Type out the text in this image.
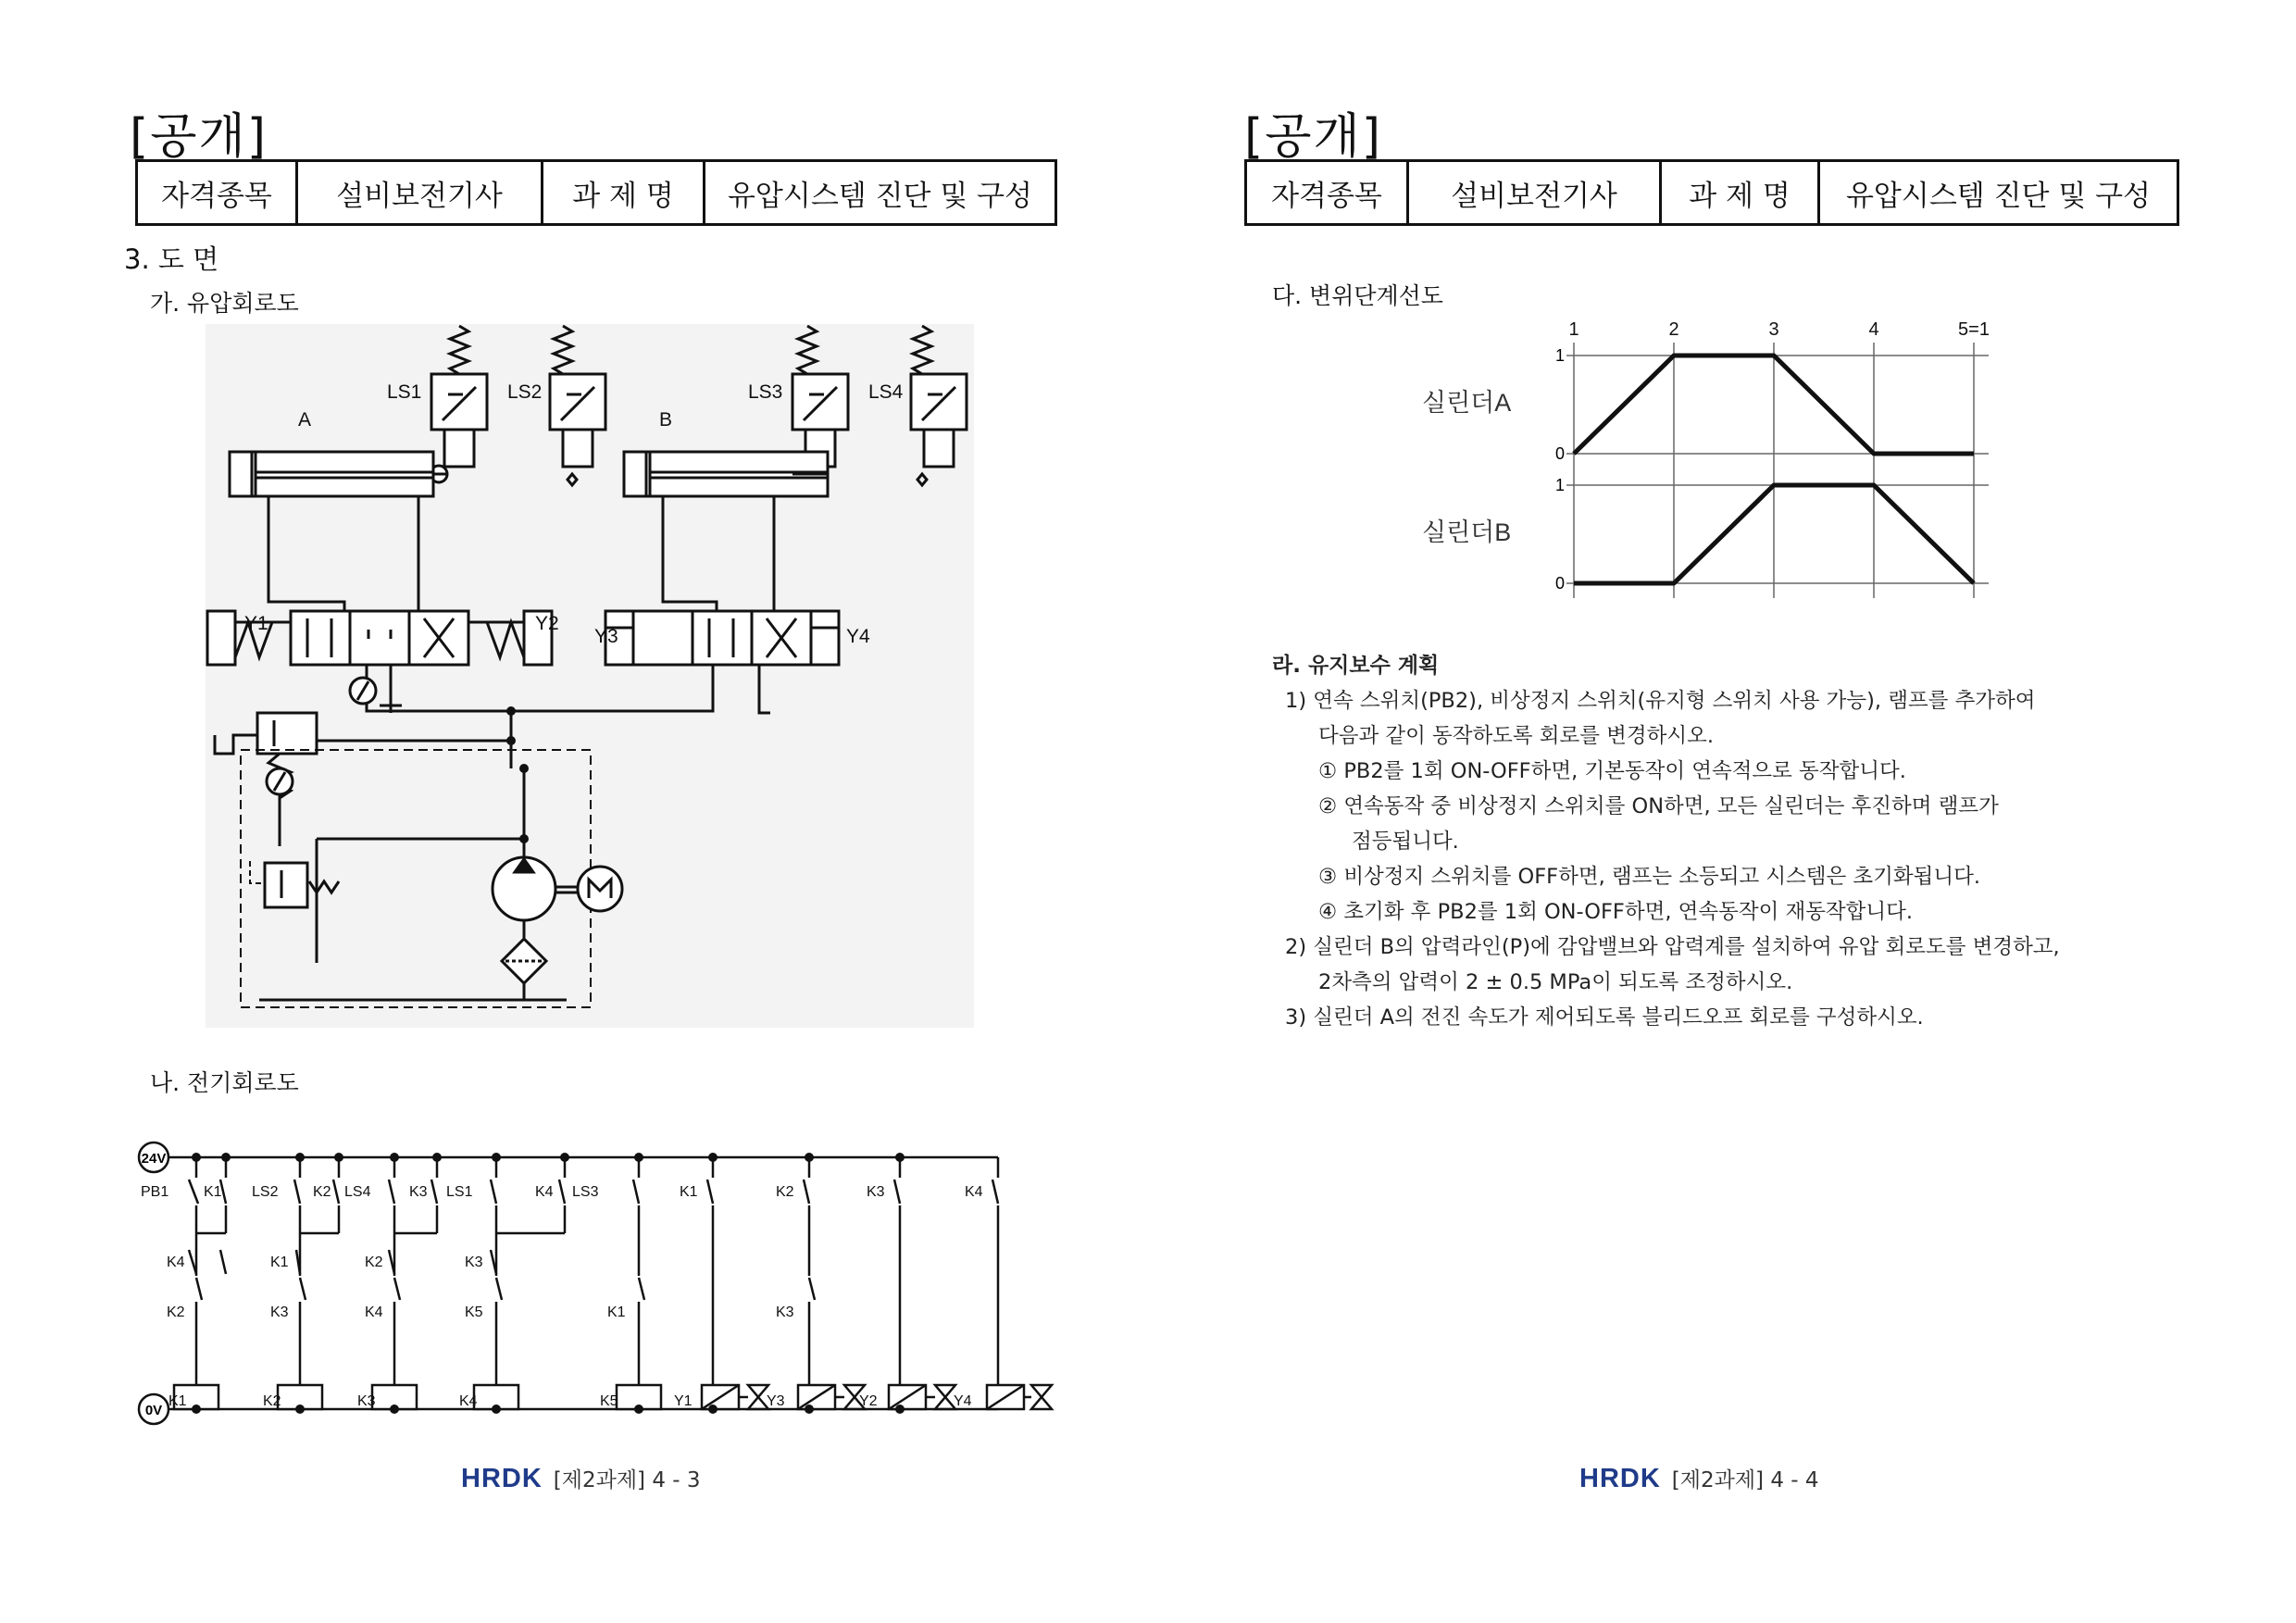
[공개]
자격종목	설비보전기사	과 제 명	유압시스템 진단 및 구성
3. 도 면
가. 유압회로도
LS1	LS2	LS3	LS4
A	B
Y1	Y2
Y3	Y4
나. 전기회로도
24V
0V
PB1 K1 LS2 K2 LS4	K3 LS1	K4 LS3	K1	K2	K3	K4
K4	K1	K2	K3
K2	K3	K4	K5	K1	K3
K1	K2	K3	K4	K5	Y1	Y3	Y2	Y4
HRDK [제2과제] 4 - 3
[공개]
자격종목	설비보전기사	과 제 명	유압시스템 진단 및 구성
다. 변위단계선도
1	2	3	4	5=1
실린더A
실린더B
1
0
1
0
라. 유지보수 계획
1) 연속 스위치(PB2), 비상정지 스위치(유지형 스위치 사용 가능), 램프를 추가하여
다음과 같이 동작하도록 회로를 변경하시오.
① PB2를 1회 ON-OFF하면, 기본동작이 연속적으로 동작합니다.
② 연속동작 중 비상정지 스위치를 ON하면, 모든 실린더는 후진하며 램프가
점등됩니다.
③ 비상정지 스위치를 OFF하면, 램프는 소등되고 시스템은 초기화됩니다.
④ 초기화 후 PB2를 1회 ON-OFF하면, 연속동작이 재동작합니다.
2) 실린더 B의 압력라인(P)에 감압밸브와 압력계를 설치하여 유압 회로도를 변경하고,
2차측의 압력이 2 ± 0.5 MPa이 되도록 조정하시오.
3) 실린더 A의 전진 속도가 제어되도록 블리드오프 회로를 구성하시오.
HRDK [제2과제] 4 - 4
